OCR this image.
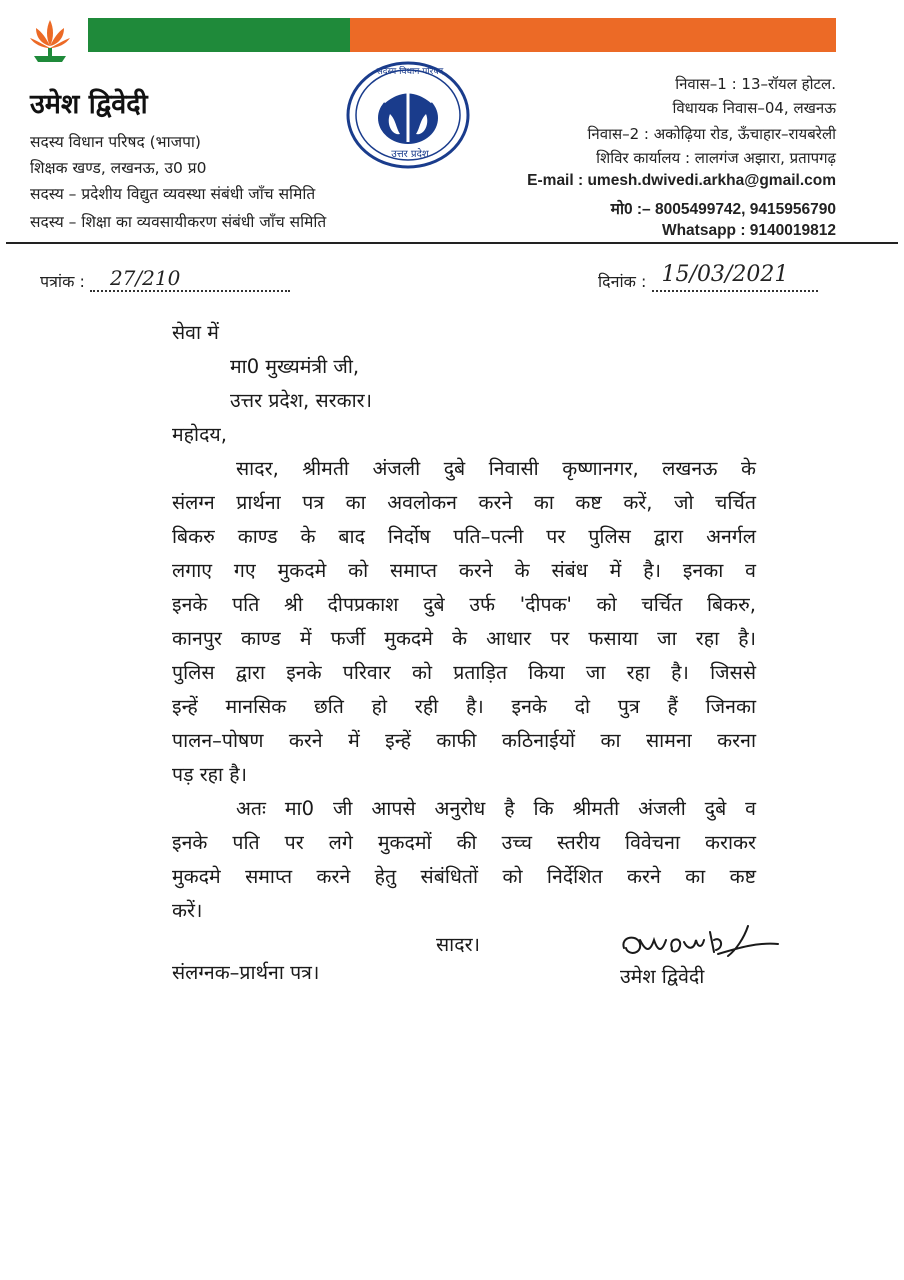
सदस्य विधान परिषद
उत्तर प्रदेश
उमेश द्विवेदी
सदस्य विधान परिषद (भाजपा)
शिक्षक खण्ड, लखनऊ, उ0 प्र0
सदस्य – प्रदेशीय विद्युत व्यवस्था संबंधी जाँच समिति
सदस्य – शिक्षा का व्यवसायीकरण संबंधी जाँच समिति
निवास–1 : 13–रॉयल होटल.
विधायक निवास–04, लखनऊ
निवास–2 : अकोढ़िया रोड, ऊँचाहार–रायबरेली
शिविर कार्यालय : लालगंज अझारा, प्रतापगढ़
E-mail : umesh.dwivedi.arkha@gmail.com
मो0 :– 8005499742, 9415956790
Whatsapp : 9140019812
पत्रांक : 27/210	दिनांक : 15/03/2021
सेवा में
मा0 मुख्यमंत्री जी,
उत्तर प्रदेश, सरकार।
महोदय,
सादर, श्रीमती अंजली दुबे निवासी कृष्णानगर, लखनऊ के
संलग्न प्रार्थना पत्र का अवलोकन करने का कष्ट करें, जो चर्चित
बिकरु काण्ड के बाद निर्दोष पति–पत्नी पर पुलिस द्वारा अनर्गल
लगाए गए मुकदमे को समाप्त करने के संबंध में है। इनका व
इनके पति श्री दीपप्रकाश दुबे उर्फ 'दीपक' को चर्चित बिकरु,
कानपुर काण्ड में फर्जी मुकदमे के आधार पर फसाया जा रहा है।
पुलिस द्वारा इनके परिवार को प्रताड़ित किया जा रहा है। जिससे
इन्हें मानसिक छति हो रही है। इनके दो पुत्र हैं जिनका
पालन–पोषण करने में इन्हें काफी कठिनाईयों का सामना करना
पड़ रहा है।
अतः मा0 जी आपसे अनुरोध है कि श्रीमती अंजली दुबे व
इनके पति पर लगे मुकदमों की उच्च स्तरीय विवेचना कराकर
मुकदमे समाप्त करने हेतु संबंधितों को निर्देशित करने का कष्ट
करें।
सादर।
संलग्नक–प्रार्थना पत्र।	उमेश द्विवेदी
